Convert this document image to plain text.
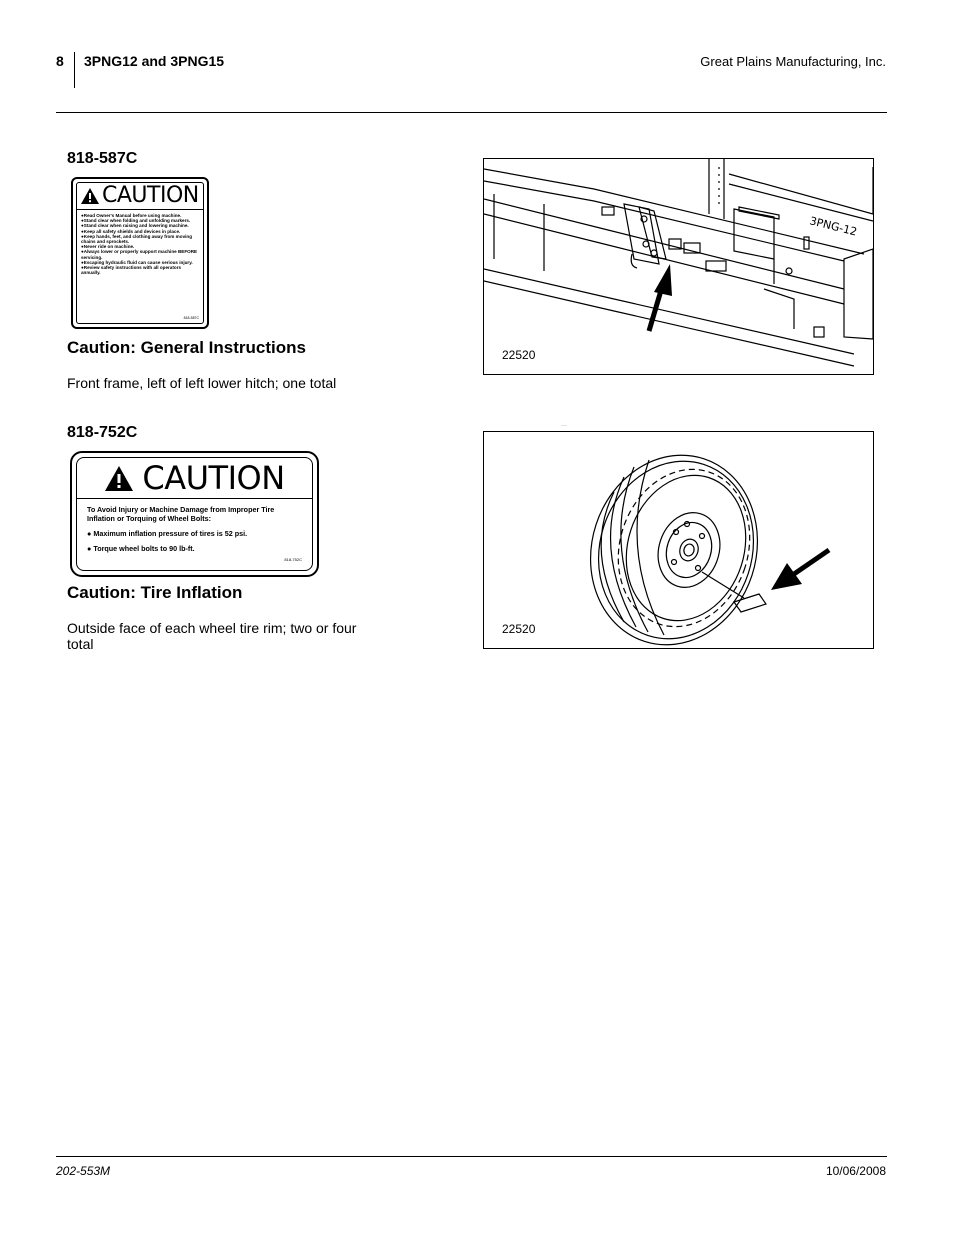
8 3PNG12 and 3PNG15	Great Plains Manufacturing, Inc.
818-587C
CAUTION
● Read Owner's Manual before using machine.
● Stand clear when folding and unfolding markers.
● Stand clear when raising and lowering machine.
● Keep all safety shields and devices in place.
● Keep hands, feet, and clothing away from moving chains and sprockets.
● Never ride on machine.
● Always lower or properly support machine BEFORE servicing.
● Escaping hydraulic fluid can cause serious injury.
● Review safety instructions with all operators annually.
818-587C
Caution: General Instructions
Front frame, left of left lower hitch; one total
3PNG-12
22520
818-752C
CAUTION
To Avoid Injury or Machine Damage from Improper Tire Inflation or Torquing of Wheel Bolts:
● Maximum inflation pressure of tires is 52 psi.
● Torque wheel bolts to 90 lb-ft.
818-752C
Caution: Tire Inflation
Outside face of each wheel tire rim; two or four total
···
22520
202-553M	10/06/2008
